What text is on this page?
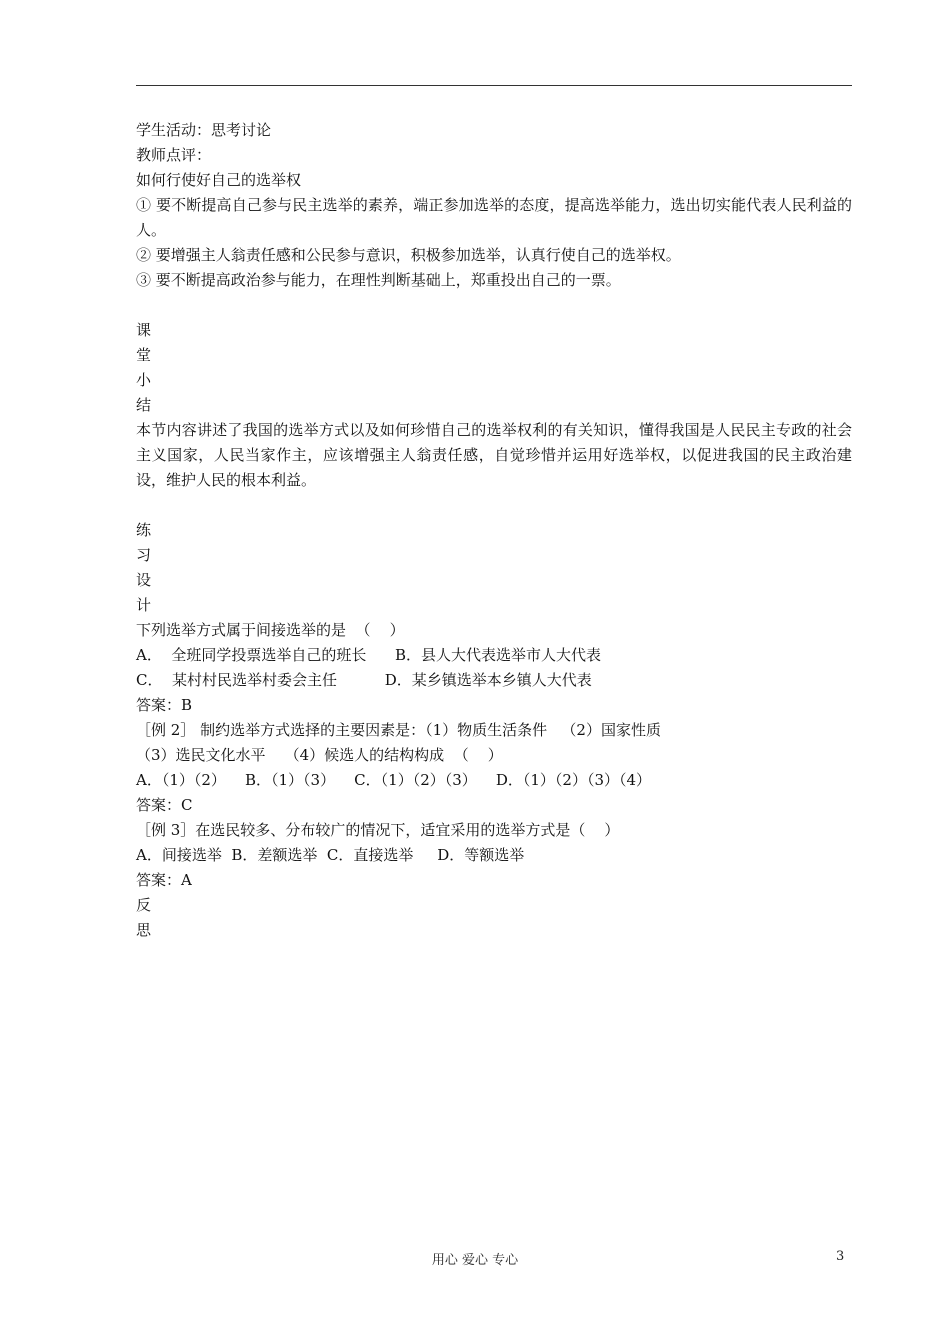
学生活动：思考讨论
教师点评：
如何行使好自己的选举权
① 要不断提高自己参与民主选举的素养，端正参加选举的态度，提高选举能力，选出切实能代表人民利益的人。
② 要增强主人翁责任感和公民参与意识，积极参加选举，认真行使自己的选举权。
③ 要不断提高政治参与能力，在理性判断基础上，郑重投出自己的一票。
课
堂
小
结
本节内容讲述了我国的选举方式以及如何珍惜自己的选举权利的有关知识，懂得我国是人民民主专政的社会主义国家，人民当家作主，应该增强主人翁责任感，自觉珍惜并运用好选举权，以促进我国的民主政治建设，维护人民的根本利益。
练
习
设
计
下列选举方式属于间接选举的是  （    ）
A．  全班同学投票选举自己的班长      B．县人大代表选举市人大代表
C．  某村村民选举村委会主任          D．某乡镇选举本乡镇人大代表
答案：B
［例 2］ 制约选举方式选择的主要因素是：（1）物质生活条件   （2）国家性质
（3）选民文化水平    （4）候选人的结构构成  （    ）
A．（1）（2）    B．（1）（3）    C．（1）（2）（3）    D．（1）（2）（3）（4）
答案：C
［例 3］在选民较多、分布较广的情况下，适宜采用的选举方式是（    ）
A．间接选举  B．差额选举  C．直接选举     D．等额选举
答案：A
反
思
用心 爱心 专心	3
